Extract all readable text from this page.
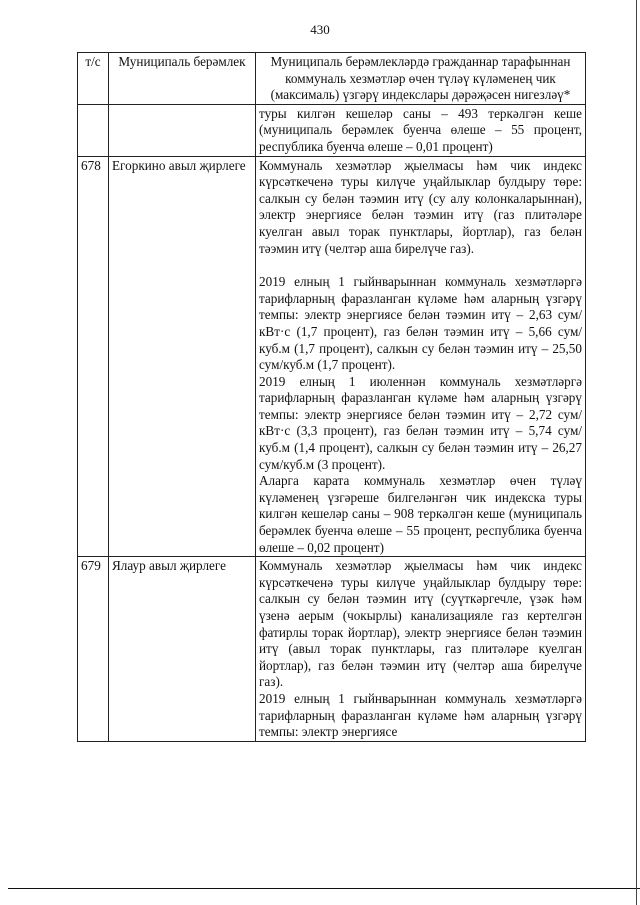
430
т/с	Муниципаль берәмлек	Муниципаль берәмлекләрдә гражданнар тарафыннан коммуналь хезмәтләр өчен түләү күләменең чик (максималь) үзгәрү индекслары дәрәҗәсен нигезләү*

		туры килгән кешеләр саны – 493 теркәлгән кеше (муниципаль берәмлек буенча өлеше – 55 процент, республика буенча өлеше – 0,01 процент)

678	Егоркино авыл җирлеге	Коммуналь хезмәтләр җыелмасы һәм чик индекс күрсәткеченә туры килүче уңайлыклар булдыру төре: салкын су белән тәэмин итү (су алу колонкаларыннан), электр энергиясе белән тәэмин итү (газ плитәләре куелган авыл торак пунктлары, йортлар), газ белән тәэмин итү (челтәр аша бирелүче газ).

2019 елның 1 гыйнварыннан коммуналь хезмәтләргә тарифларның фаразланган күләме һәм аларның үзгәрү темпы: электр энергиясе белән тәэмин итү – 2,63 сум/кВт·с (1,7 процент), газ белән тәэмин итү – 5,66 сум/куб.м (1,7 процент), салкын су белән тәэмин итү – 25,50 сум/куб.м (1,7 процент).

2019 елның 1 июленнән коммуналь хезмәтләргә тарифларның фаразланган күләме һәм аларның үзгәрү темпы: электр энергиясе белән тәэмин итү – 2,72 сум/кВт·с (3,3 процент), газ белән тәэмин итү – 5,74 сум/куб.м (1,4 процент), салкын су белән тәэмин итү – 26,27 сум/куб.м (3 процент).

Аларга карата коммуналь хезмәтләр өчен түләү күләменең үзгәреше билгеләнгән чик индекска туры килгән кешеләр саны – 908 теркәлгән кеше (муниципаль берәмлек буенча өлеше – 55 процент, республика буенча өлеше – 0,02 процент)

679	Ялаур авыл җирлеге	Коммуналь хезмәтләр җыелмасы һәм чик индекс күрсәткеченә туры килүче уңайлыклар булдыру төре: салкын су белән тәэмин итү (суүткәргечле, үзәк һәм үзенә аерым (чокырлы) канализацияле газ кертелгән фатирлы торак йортлар), электр энергиясе белән тәэмин итү (авыл торак пунктлары, газ плитәләре куелган йортлар), газ белән тәэмин итү (челтәр аша бирелүче газ).

2019 елның 1 гыйнварыннан коммуналь хезмәтләргә тарифларның фаразланган күләме һәм аларның үзгәрү темпы: электр энергиясе
